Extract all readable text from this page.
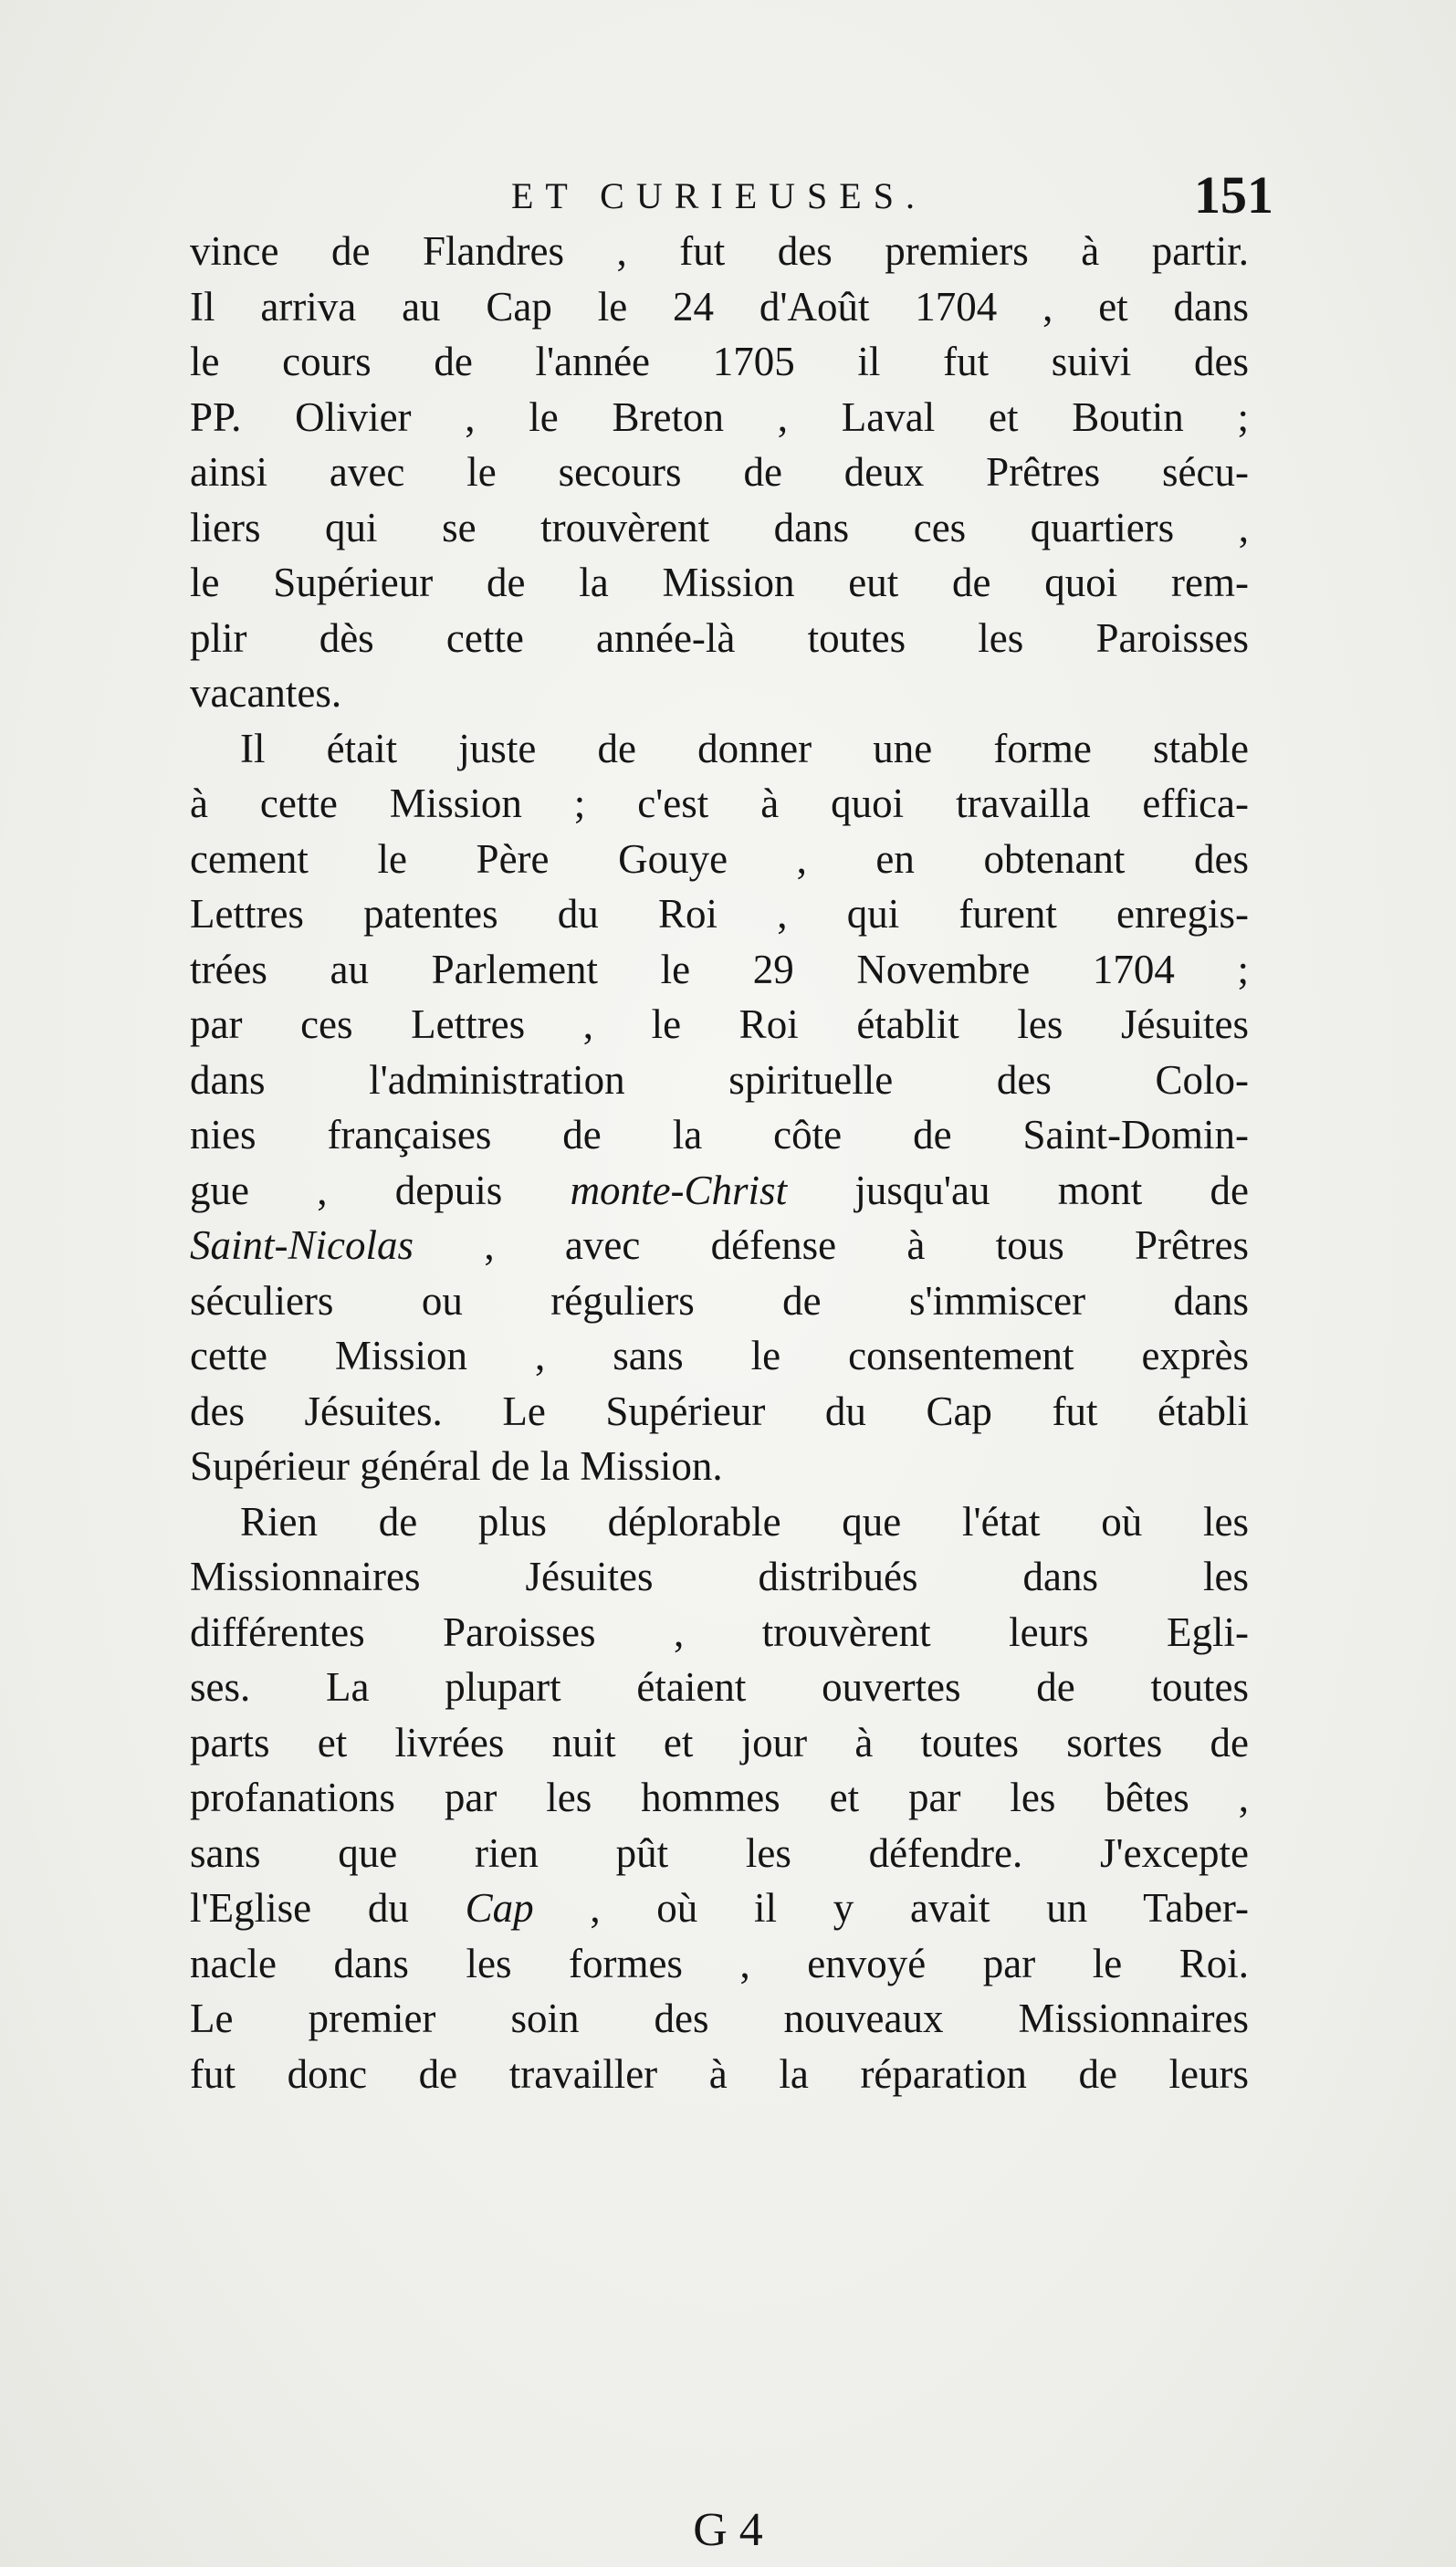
ET CURIEUSES.	151
vince de Flandres , fut des premiers à partir.
Il arriva au Cap le 24 d'Août 1704 , et dans
le cours de l'année 1705 il fut suivi des
PP. Olivier , le Breton , Laval et Boutin ;
ainsi avec le secours de deux Prêtres sécu-
liers qui se trouvèrent dans ces quartiers ,
le Supérieur de la Mission eut de quoi rem-
plir dès cette année-là toutes les Paroisses
vacantes.
Il était juste de donner une forme stable
à cette Mission ; c'est à quoi travailla effica-
cement le Père Gouye , en obtenant des
Lettres patentes du Roi , qui furent enregis-
trées au Parlement le 29 Novembre 1704 ;
par ces Lettres , le Roi établit les Jésuites
dans l'administration spirituelle des Colo-
nies françaises de la côte de Saint-Domin-
gue , depuis monte-Christ jusqu'au mont de
Saint-Nicolas , avec défense à tous Prêtres
séculiers ou réguliers de s'immiscer dans
cette Mission , sans le consentement exprès
des Jésuites. Le Supérieur du Cap fut établi
Supérieur général de la Mission.
Rien de plus déplorable que l'état où les
Missionnaires Jésuites distribués dans les
différentes Paroisses , trouvèrent leurs Egli-
ses. La plupart étaient ouvertes de toutes
parts et livrées nuit et jour à toutes sortes de
profanations par les hommes et par les bêtes ,
sans que rien pût les défendre. J'excepte
l'Eglise du Cap , où il y avait un Taber-
nacle dans les formes , envoyé par le Roi.
Le premier soin des nouveaux Missionnaires
fut donc de travailler à la réparation de leurs
G 4
